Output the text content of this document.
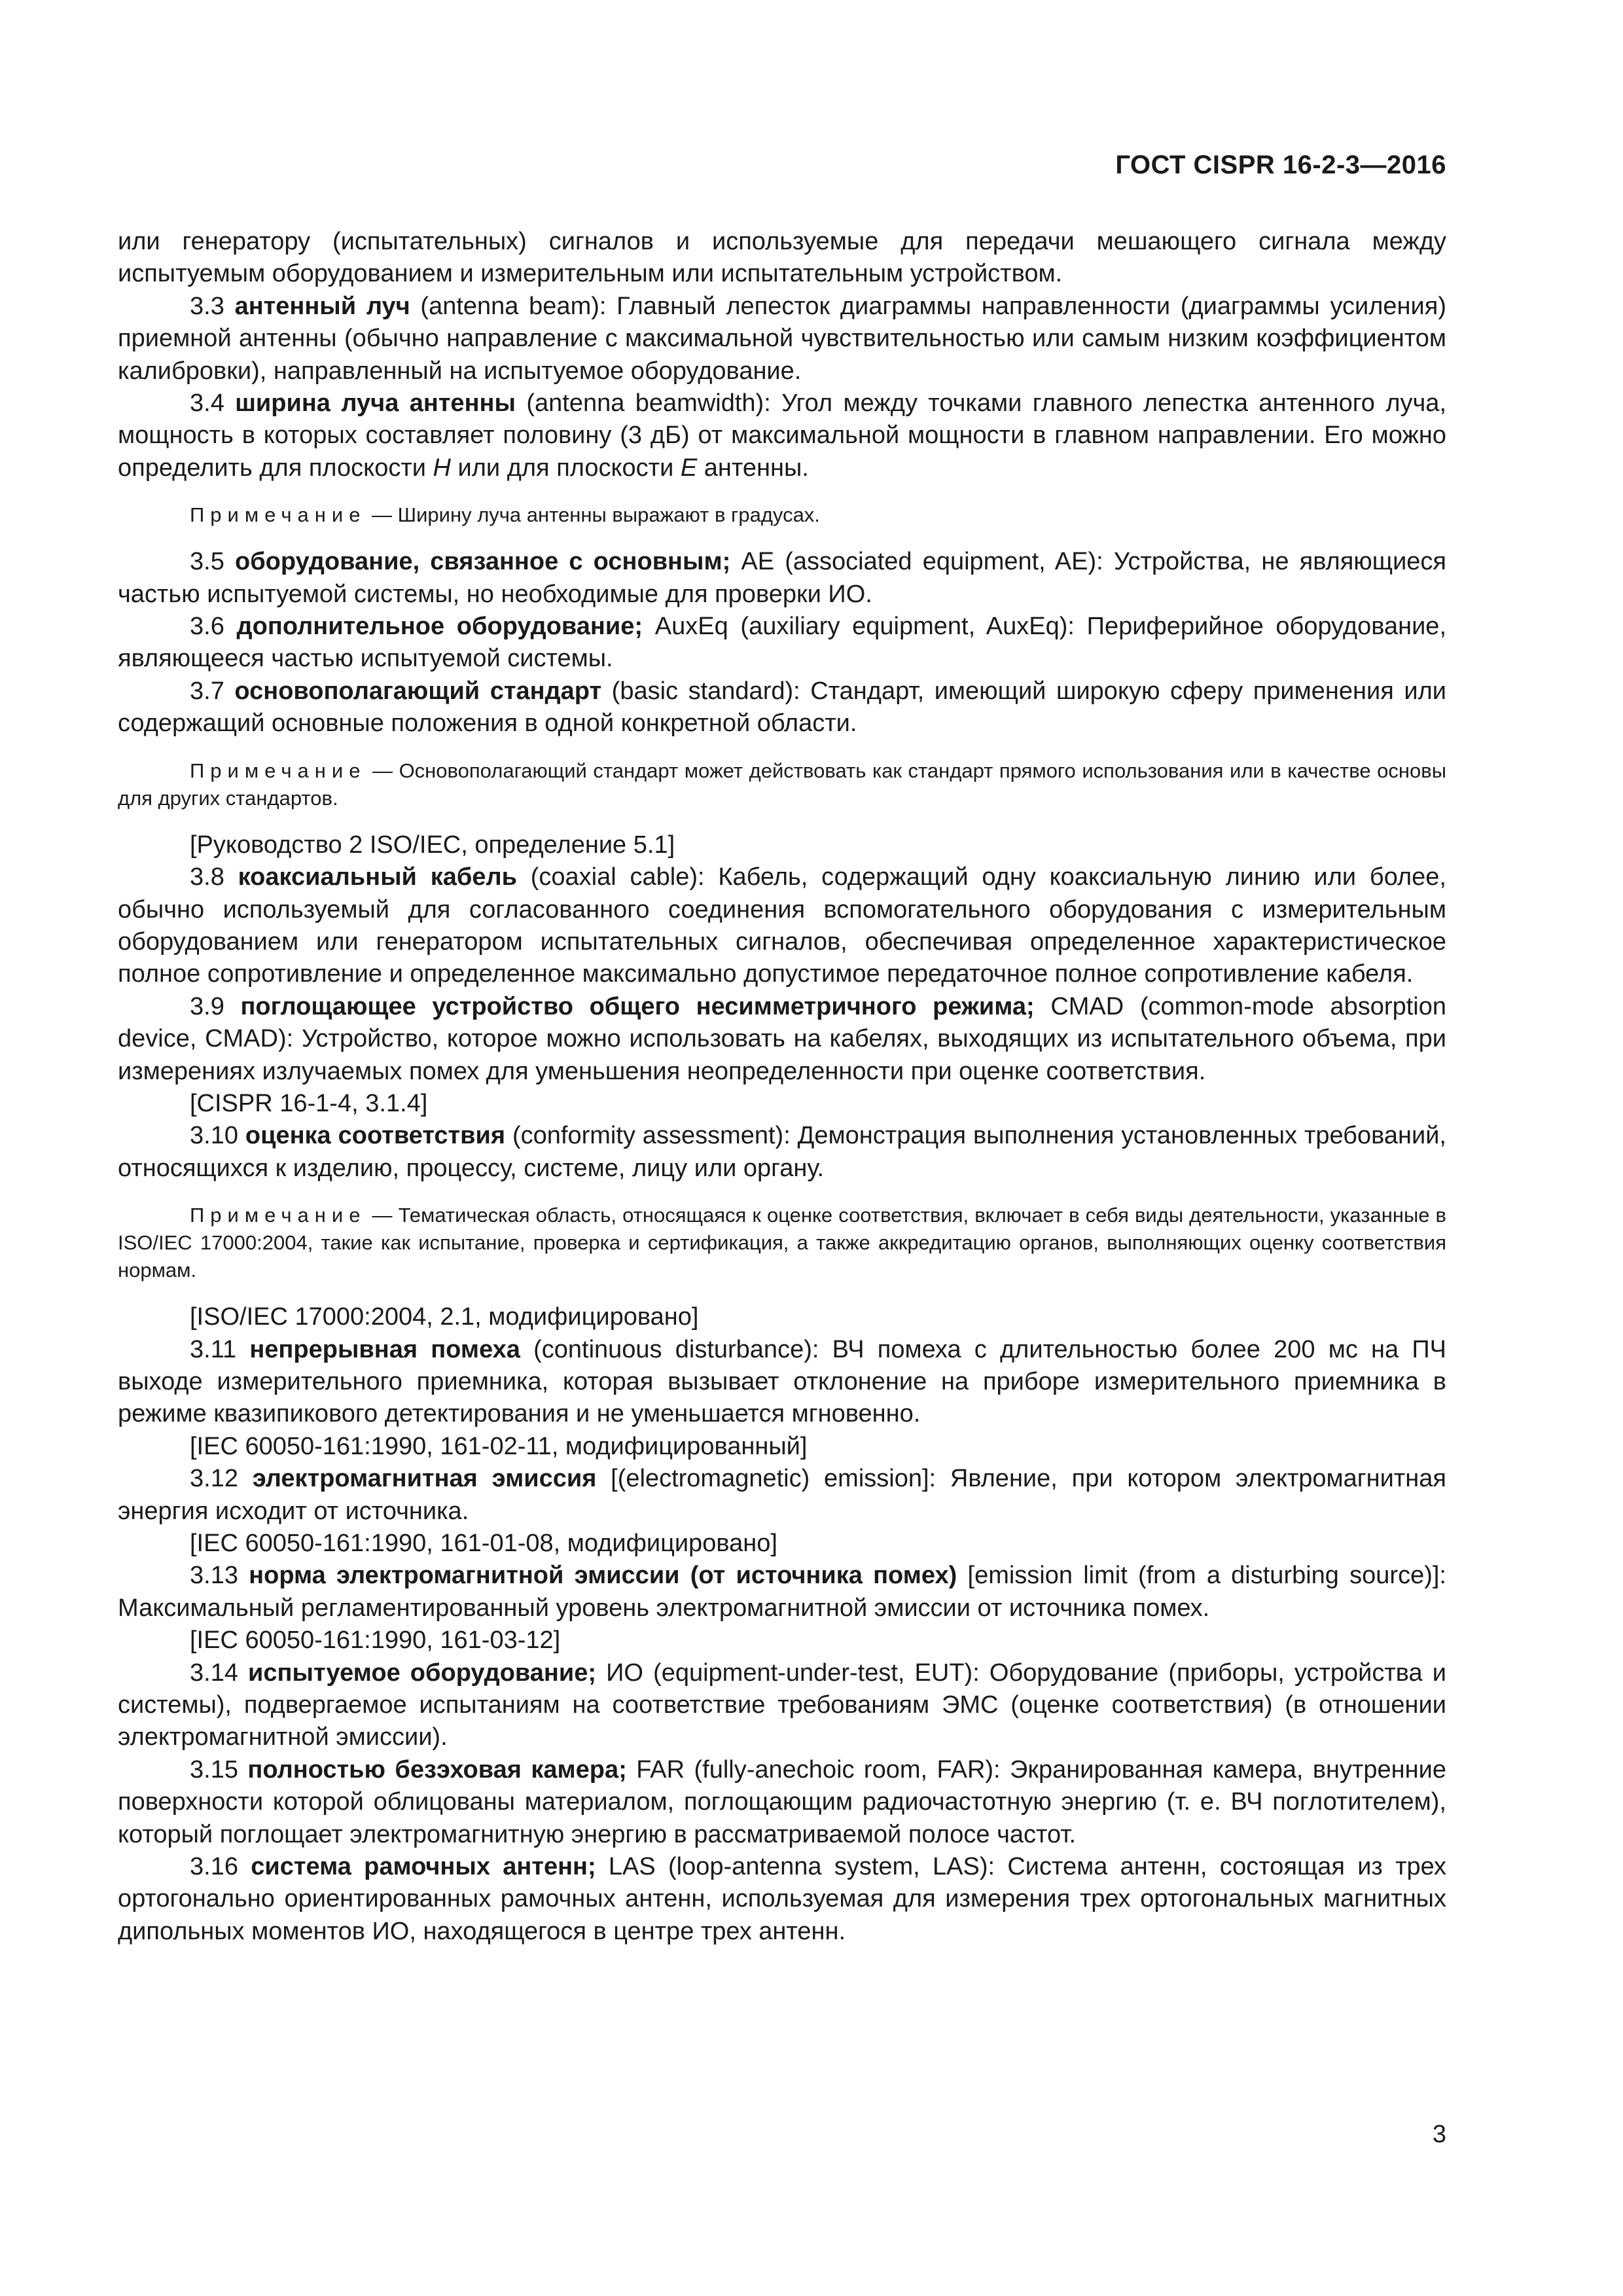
ГОСТ CISPR 16-2-3—2016

или генератору (испытательных) сигналов и используемые для передачи мешающего сигнала между испытуемым оборудованием и измерительным или испытательным устройством.

3.3 антенный луч (antenna beam): Главный лепесток диаграммы направленности (диаграммы усиления) приемной антенны (обычно направление с максимальной чувствительностью или самым низким коэффициентом калибровки), направленный на испытуемое оборудование.

3.4 ширина луча антенны (antenna beamwidth): Угол между точками главного лепестка антенного луча, мощность в которых составляет половину (3 дБ) от максимальной мощности в главном направлении. Его можно определить для плоскости H или для плоскости E антенны.

Примечание — Ширину луча антенны выражают в градусах.

3.5 оборудование, связанное с основным; AE (associated equipment, AE): Устройства, не являющиеся частью испытуемой системы, но необходимые для проверки ИО.

3.6 дополнительное оборудование; AuxEq (auxiliary equipment, AuxEq): Периферийное оборудование, являющееся частью испытуемой системы.

3.7 основополагающий стандарт (basic standard): Стандарт, имеющий широкую сферу применения или содержащий основные положения в одной конкретной области.

Примечание — Основополагающий стандарт может действовать как стандарт прямого использования или в качестве основы для других стандартов.

[Руководство 2 ISO/IEC, определение 5.1]

3.8 коаксиальный кабель (coaxial cable): Кабель, содержащий одну коаксиальную линию или более, обычно используемый для согласованного соединения вспомогательного оборудования с измерительным оборудованием или генератором испытательных сигналов, обеспечивая определенное характеристическое полное сопротивление и определенное максимально допустимое передаточное полное сопротивление кабеля.

3.9 поглощающее устройство общего несимметричного режима; CMAD (common-mode absorption device, CMAD): Устройство, которое можно использовать на кабелях, выходящих из испытательного объема, при измерениях излучаемых помех для уменьшения неопределенности при оценке соответствия.

[CISPR 16-1-4, 3.1.4]

3.10 оценка соответствия (conformity assessment): Демонстрация выполнения установленных требований, относящихся к изделию, процессу, системе, лицу или органу.

Примечание — Тематическая область, относящаяся к оценке соответствия, включает в себя виды деятельности, указанные в ISO/IEC 17000:2004, такие как испытание, проверка и сертификация, а также аккредитацию органов, выполняющих оценку соответствия нормам.

[ISO/IEC 17000:2004, 2.1, модифицировано]

3.11 непрерывная помеха (continuous disturbance): ВЧ помеха с длительностью более 200 мс на ПЧ выходе измерительного приемника, которая вызывает отклонение на приборе измерительного приемника в режиме квазипикового детектирования и не уменьшается мгновенно.

[IEC 60050-161:1990, 161-02-11, модифицированный]

3.12 электромагнитная эмиссия [(electromagnetic) emission]: Явление, при котором электромагнитная энергия исходит от источника.

[IEC 60050-161:1990, 161-01-08, модифицировано]

3.13 норма электромагнитной эмиссии (от источника помех) [emission limit (from a disturbing source)]: Максимальный регламентированный уровень электромагнитной эмиссии от источника помех.

[IEC 60050-161:1990, 161-03-12]

3.14 испытуемое оборудование; ИО (equipment-under-test, EUT): Оборудование (приборы, устройства и системы), подвергаемое испытаниям на соответствие требованиям ЭМС (оценке соответствия) (в отношении электромагнитной эмиссии).

3.15 полностью безэховая камера; FAR (fully-anechoic room, FAR): Экранированная камера, внутренние поверхности которой облицованы материалом, поглощающим радиочастотную энергию (т. е. ВЧ поглотителем), который поглощает электромагнитную энергию в рассматриваемой полосе частот.

3.16 система рамочных антенн; LAS (loop-antenna system, LAS): Система антенн, состоящая из трех ортогонально ориентированных рамочных антенн, используемая для измерения трех ортогональных магнитных дипольных моментов ИО, находящегося в центре трех антенн.

3
